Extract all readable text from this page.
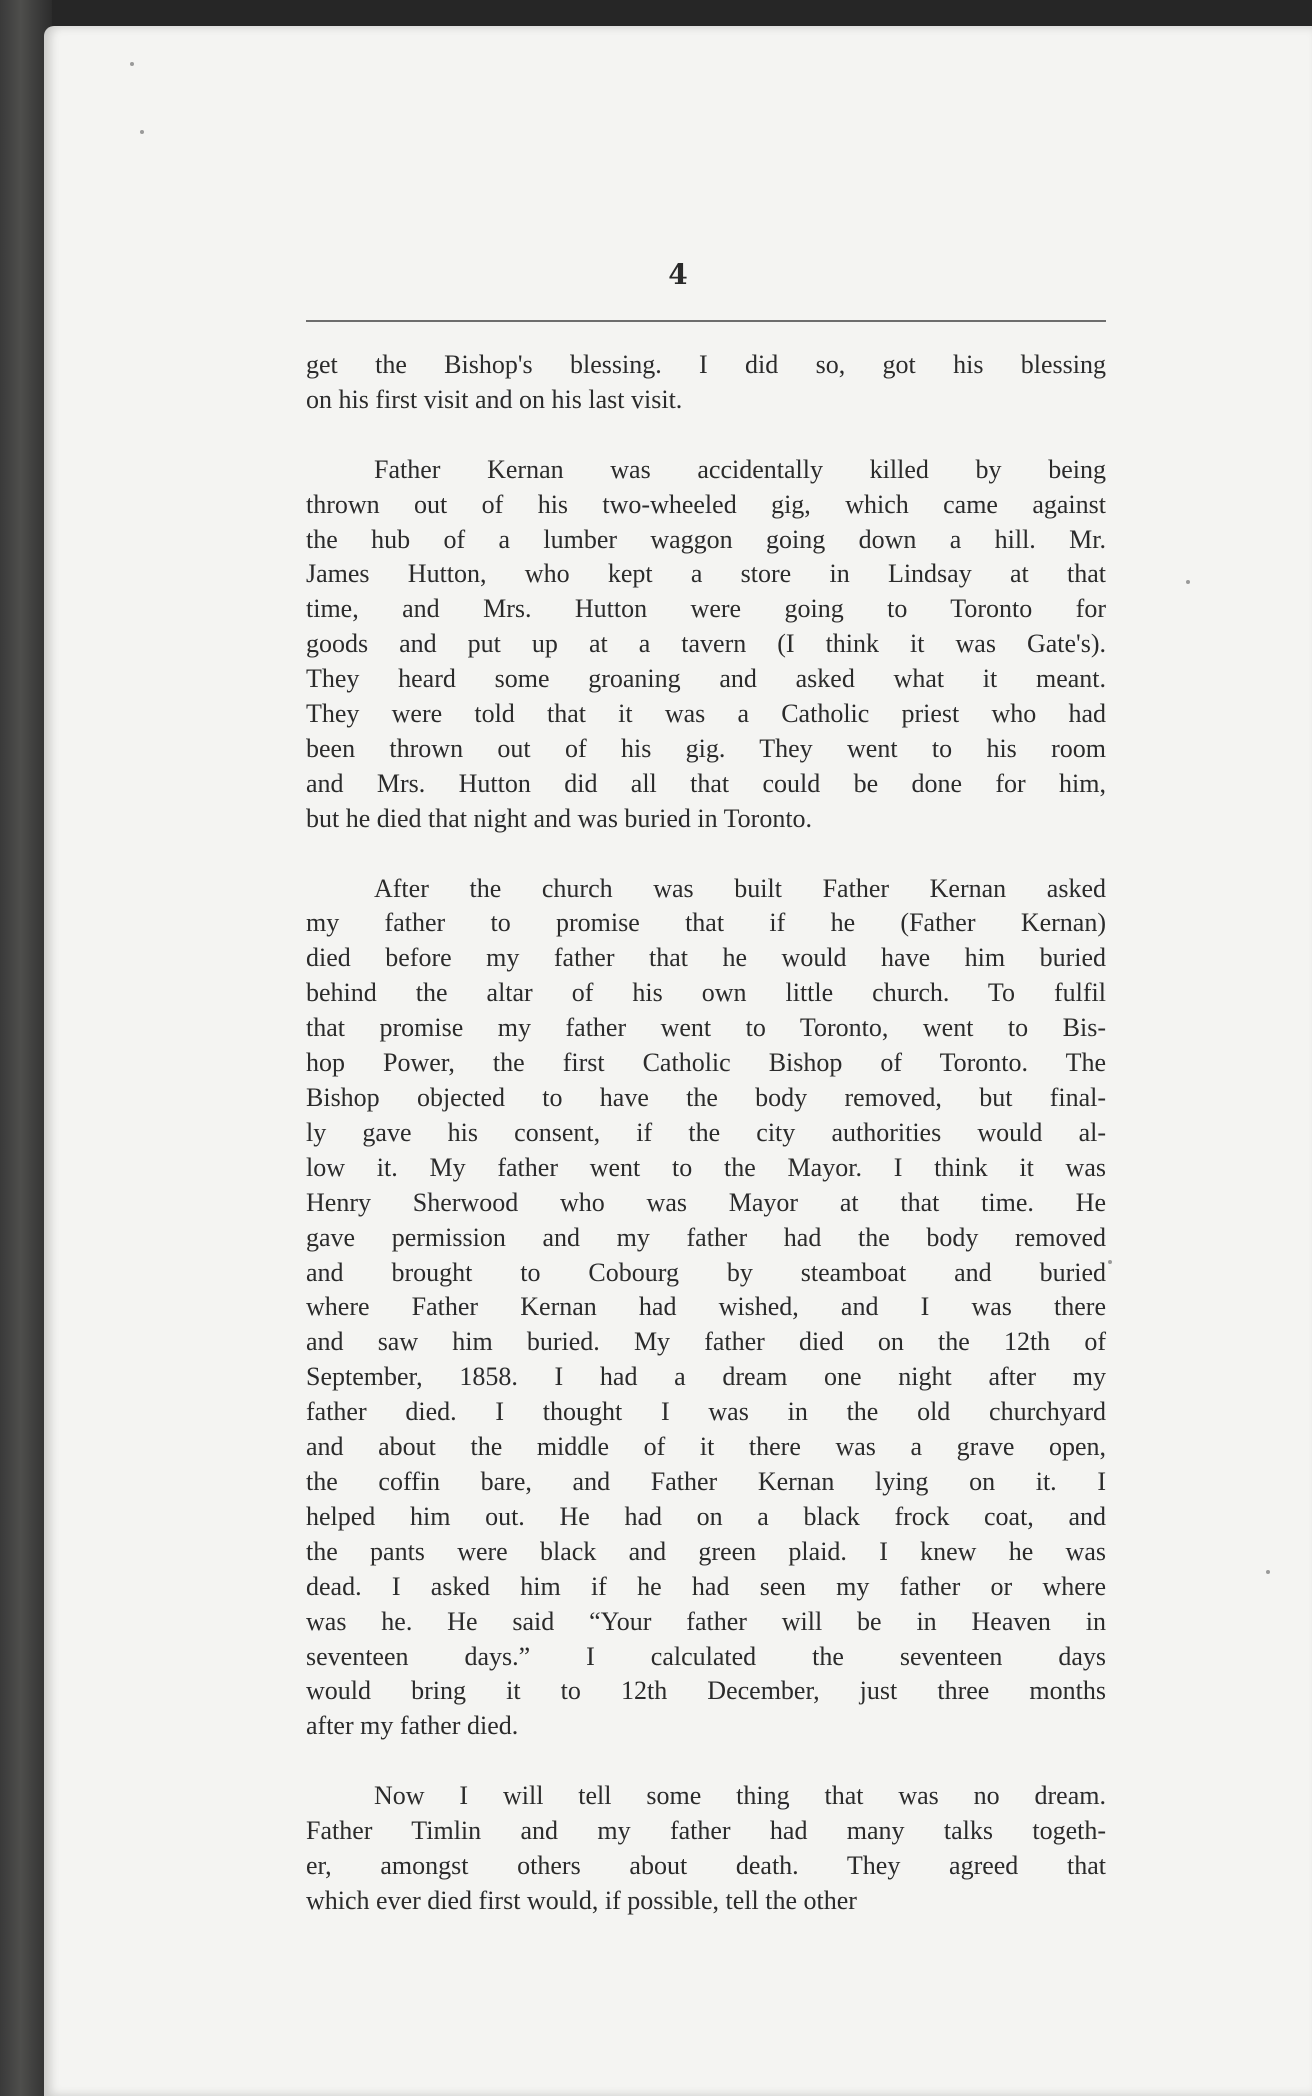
4
get the Bishop's blessing. I did so, got his blessing
on his first visit and on his last visit.
Father Kernan was accidentally killed by being
thrown out of his two-wheeled gig, which came against
the hub of a lumber waggon going down a hill. Mr.
James Hutton, who kept a store in Lindsay at that
time, and Mrs. Hutton were going to Toronto for
goods and put up at a tavern (I think it was Gate's).
They heard some groaning and asked what it meant.
They were told that it was a Catholic priest who had
been thrown out of his gig. They went to his room
and Mrs. Hutton did all that could be done for him,
but he died that night and was buried in Toronto.
After the church was built Father Kernan asked
my father to promise that if he (Father Kernan)
died before my father that he would have him buried
behind the altar of his own little church. To fulfil
that promise my father went to Toronto, went to Bis-
hop Power, the first Catholic Bishop of Toronto. The
Bishop objected to have the body removed, but final-
ly gave his consent, if the city authorities would al-
low it. My father went to the Mayor. I think it was
Henry Sherwood who was Mayor at that time. He
gave permission and my father had the body removed
and brought to Cobourg by steamboat and buried
where Father Kernan had wished, and I was there
and saw him buried. My father died on the 12th of
September, 1858. I had a dream one night after my
father died. I thought I was in the old churchyard
and about the middle of it there was a grave open,
the coffin bare, and Father Kernan lying on it. I
helped him out. He had on a black frock coat, and
the pants were black and green plaid. I knew he was
dead. I asked him if he had seen my father or where
was he. He said “Your father will be in Heaven in
seventeen days.” I calculated the seventeen days
would bring it to 12th December, just three months
after my father died.
Now I will tell some thing that was no dream.
Father Timlin and my father had many talks togeth-
er, amongst others about death. They agreed that
which ever died first would, if possible, tell the other
